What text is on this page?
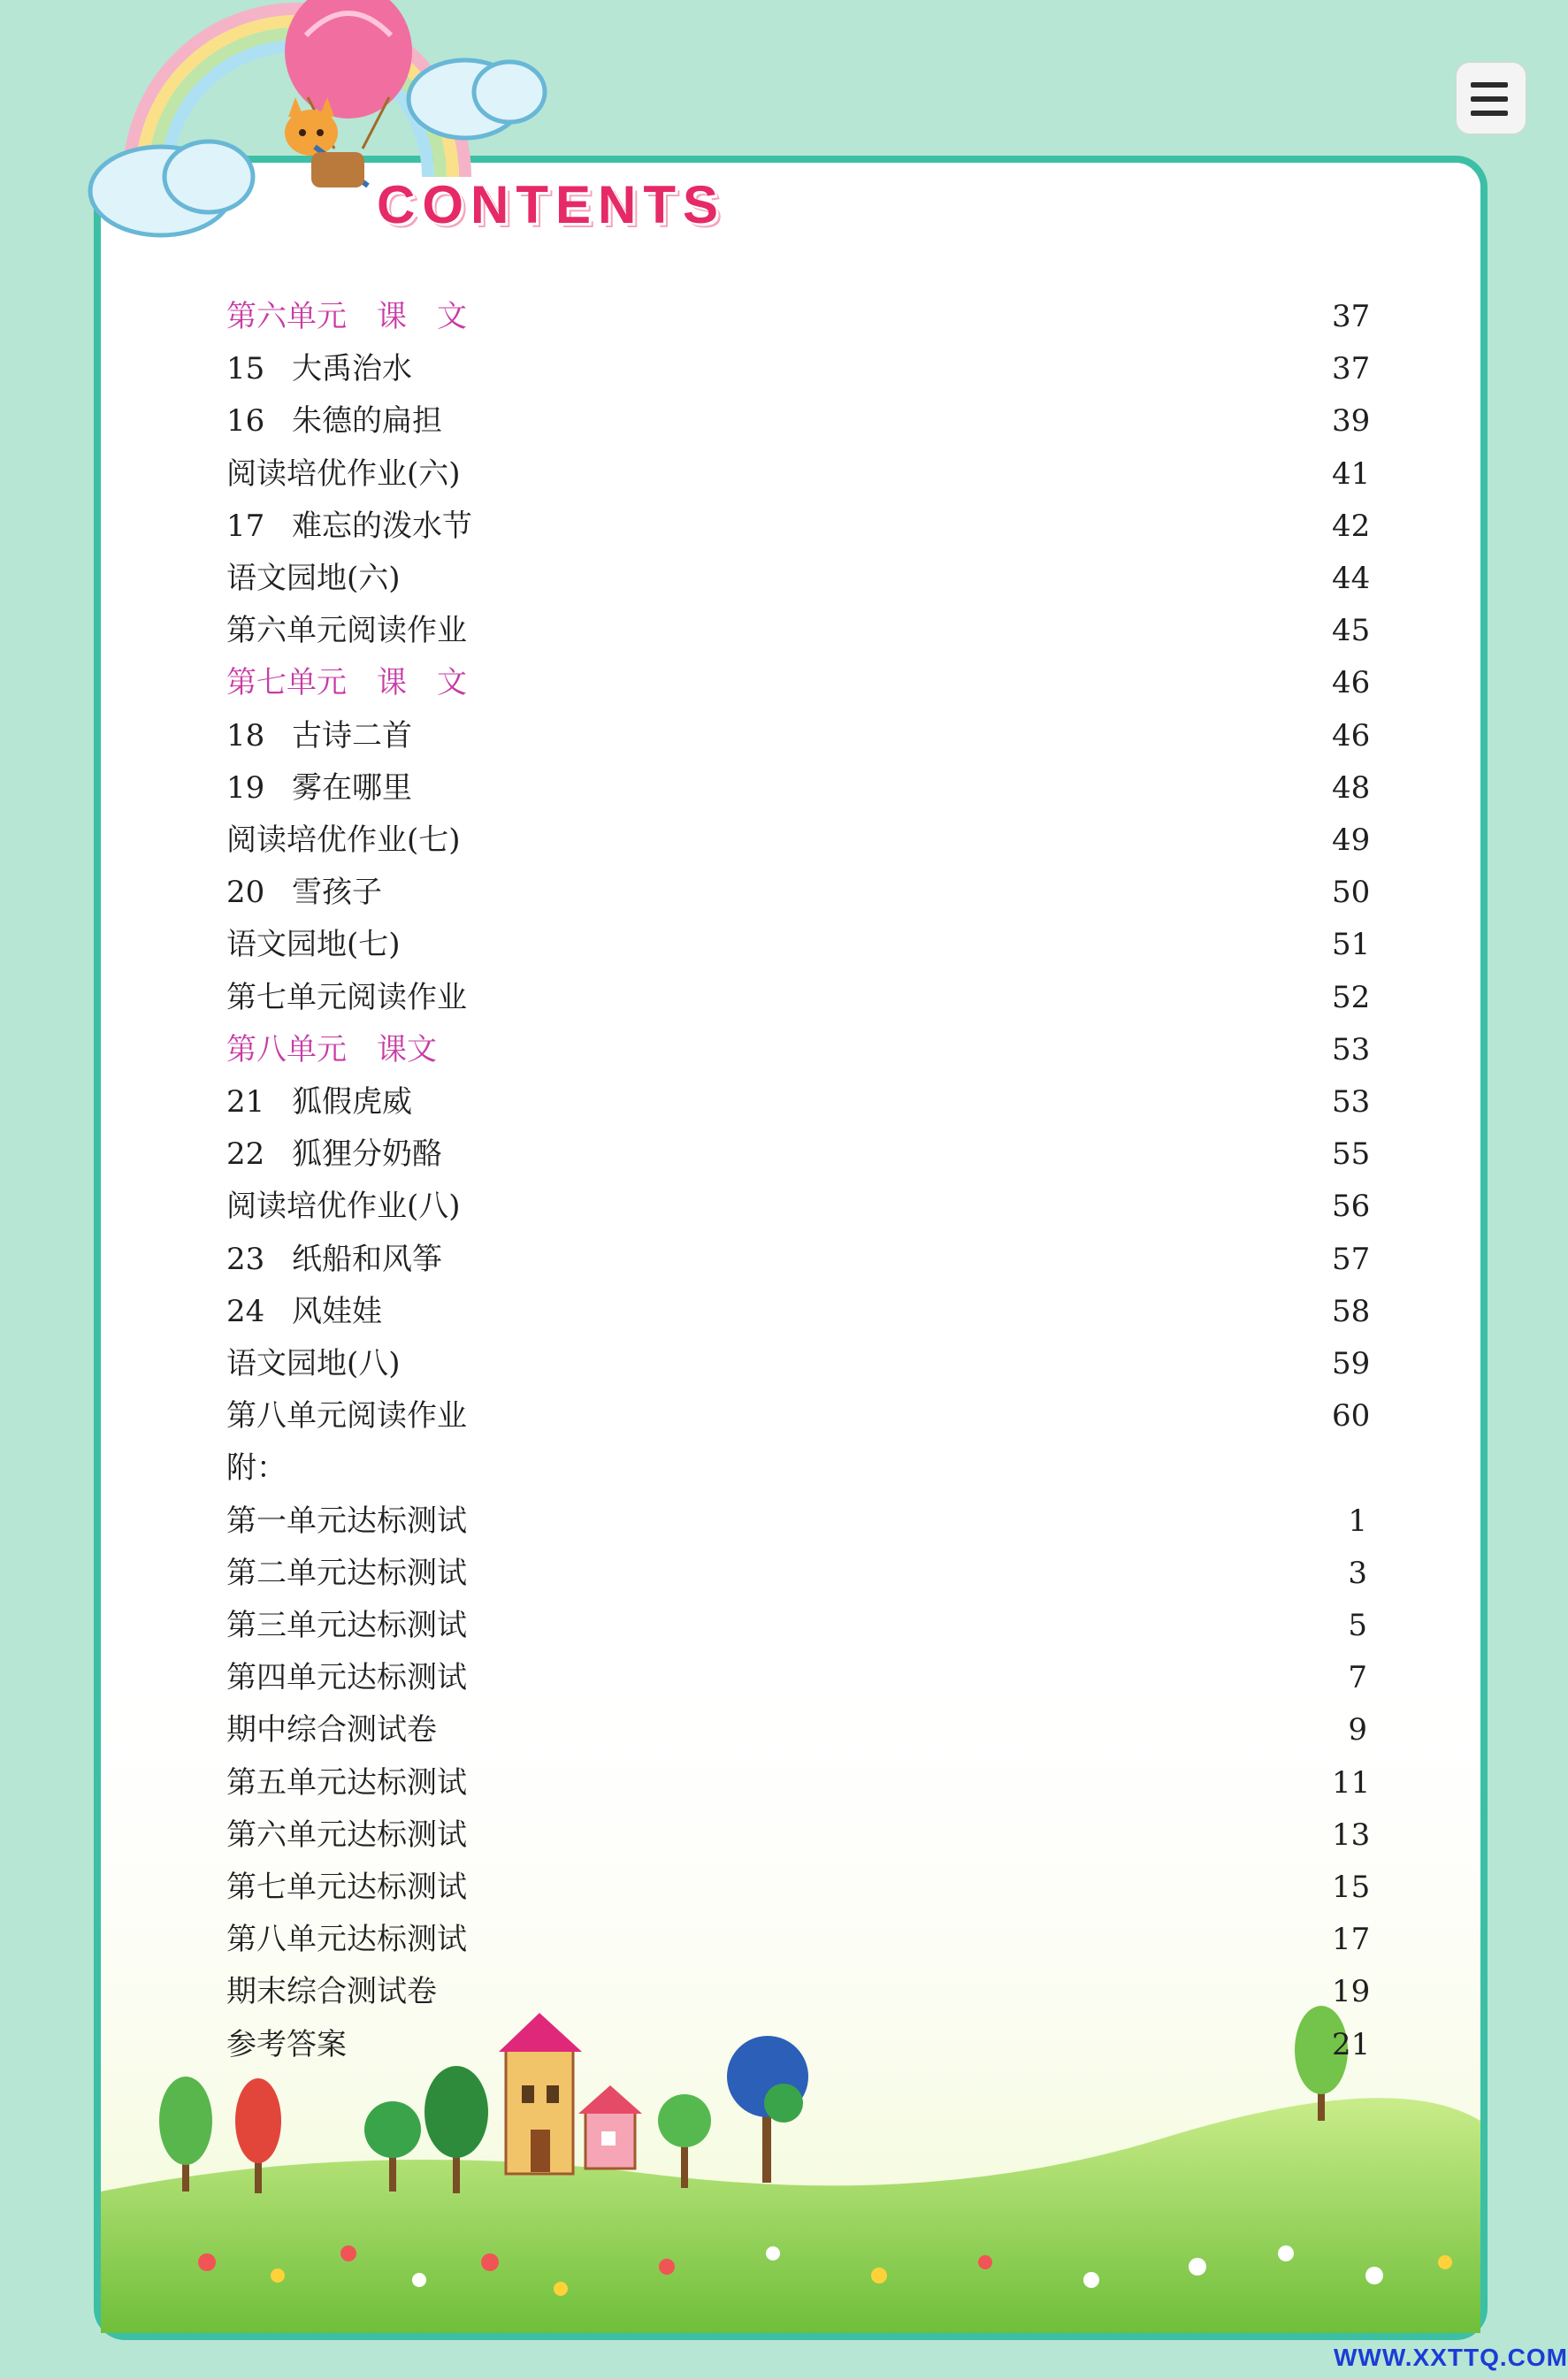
CONTENTS
第六单元　课　文	37
15 大禹治水	37
16 朱德的扁担	39
阅读培优作业(六)	41
17 难忘的泼水节	42
语文园地(六)	44
第六单元阅读作业	45
第七单元　课　文	46
18 古诗二首	46
19 雾在哪里	48
阅读培优作业(七)	49
20 雪孩子	50
语文园地(七)	51
第七单元阅读作业	52
第八单元　课文	53
21 狐假虎威	53
22 狐狸分奶酪	55
阅读培优作业(八)	56
23 纸船和风筝	57
24 风娃娃	58
语文园地(八)	59
第八单元阅读作业	60
附：
第一单元达标测试	1
第二单元达标测试	3
第三单元达标测试	5
第四单元达标测试	7
期中综合测试卷	9
第五单元达标测试	11
第六单元达标测试	13
第七单元达标测试	15
第八单元达标测试	17
期末综合测试卷	19
参考答案	21
WWW.XXTTQ.COM
